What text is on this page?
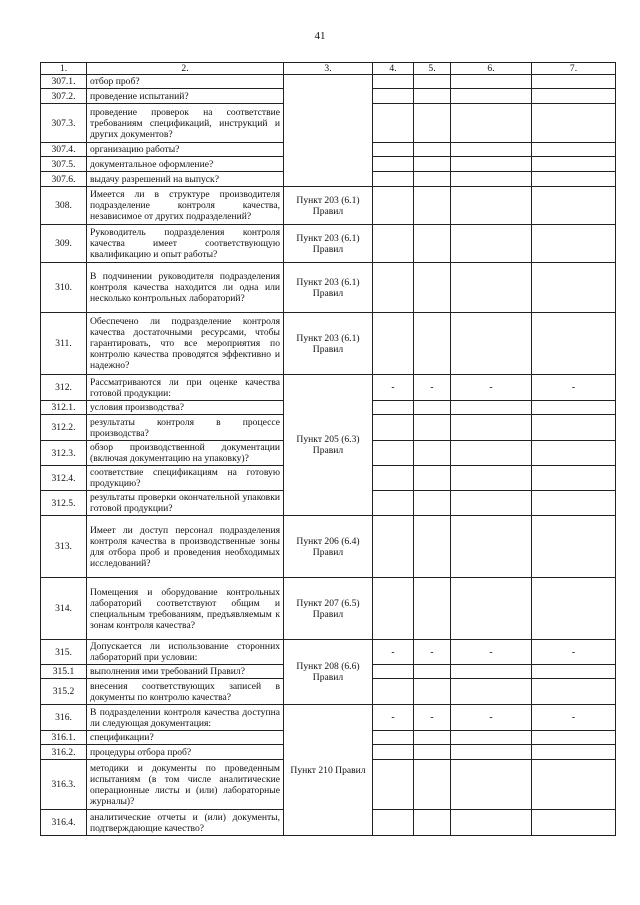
41
1.	2.	3.	4.	5.	6.	7.
307.1.	отбор проб?					
307.2.	проведение испытаний?					
307.3.	проведение проверок на соответствие требованиям спецификаций, инструкций и других документов?					
307.4.	организацию работы?					
307.5.	документальное оформление?					
307.6.	выдачу разрешений на выпуск?					
308.	Имеется ли в структуре производителя подразделение контроля качества, независимое от других подразделений?	Пункт 203 (6.1) Правил				
309.	Руководитель подразделения контроля качества имеет соответствующую квалификацию и опыт работы?	Пункт 203 (6.1) Правил				
310.	В подчинении руководителя подразделения контроля качества находится ли одна или несколько контрольных лабораторий?	Пункт 203 (6.1) Правил				
311.	Обеспечено ли подразделение контроля качества достаточными ресурсами, чтобы гарантировать, что все мероприятия по контролю качества проводятся эффективно и надежно?	Пункт 203 (6.1) Правил				
312.	Рассматриваются ли при оценке качества готовой продукции:	Пункт 205 (6.3) Правил	-	-	-	-
312.1.	условия производства?					
312.2.	результаты контроля в процессе производства?					
312.3.	обзор производственной документации (включая документацию на упаковку)?					
312.4.	соответствие спецификациям на готовую продукцию?					
312.5.	результаты проверки окончательной упаковки готовой продукции?					
313.	Имеет ли доступ персонал подразделения контроля качества в производственные зоны для отбора проб и проведения необходимых исследований?	Пункт 206 (6.4) Правил				
314.	Помещения и оборудование контрольных лабораторий соответствуют общим и специальным требованиям, предъявляемым к зонам контроля качества?	Пункт 207 (6.5) Правил				
315.	Допускается ли использование сторонних лабораторий при условии:	Пункт 208 (6.6) Правил	-	-	-	-
315.1	выполнения ими требований Правил?					
315.2	внесения соответствующих записей в документы по контролю качества?					
316.	В подразделении контроля качества доступна ли следующая документация:	Пункт 210 Правил	-	-	-	-
316.1.	спецификации?					
316.2.	процедуры отбора проб?					
316.3.	методики и документы по проведенным испытаниям (в том числе аналитические операционные листы и (или) лабораторные журналы)?					
316.4.	аналитические отчеты и (или) документы, подтверждающие качество?					
